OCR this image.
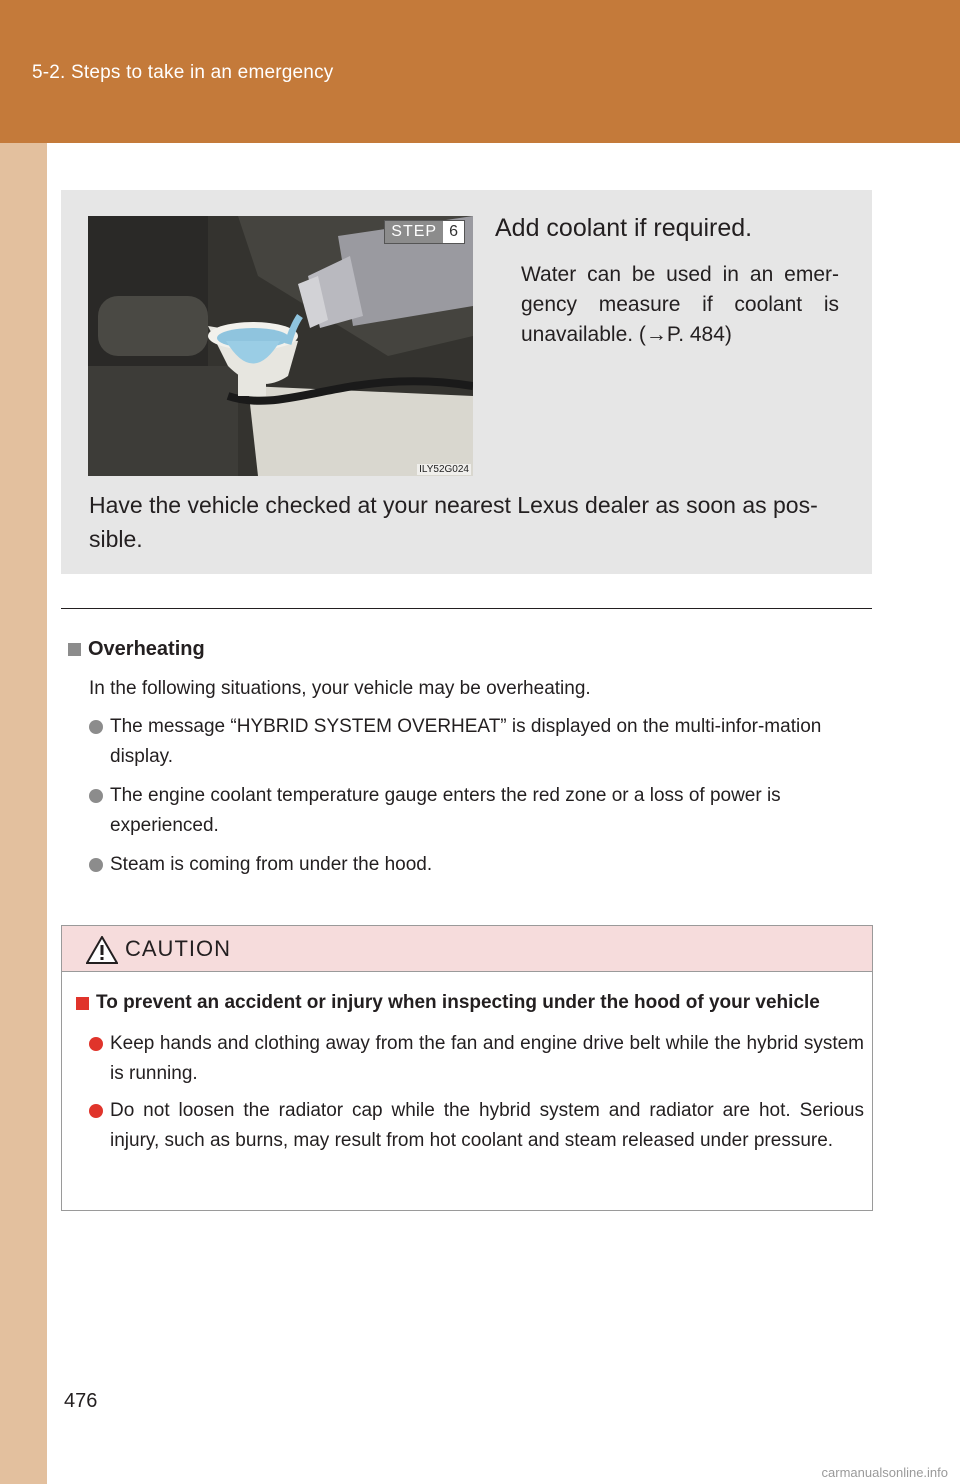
5-2. Steps to take in an emergency
STEP 6
ILY52G024
Add coolant if required.
Water can be used in an emer-gency measure if coolant is unavailable. (→P. 484)
Have the vehicle checked at your nearest Lexus dealer as soon as pos-sible.
Overheating
In the following situations, your vehicle may be overheating.
The message “HYBRID SYSTEM OVERHEAT” is displayed on the multi-infor-mation display.
The engine coolant temperature gauge enters the red zone or a loss of power is experienced.
Steam is coming from under the hood.
CAUTION
To prevent an accident or injury when inspecting under the hood of your vehicle
Keep hands and clothing away from the fan and engine drive belt while the hybrid system is running.
Do not loosen the radiator cap while the hybrid system and radiator are hot. Serious injury, such as burns, may result from hot coolant and steam released under pressure.
476
carmanualsonline.info
